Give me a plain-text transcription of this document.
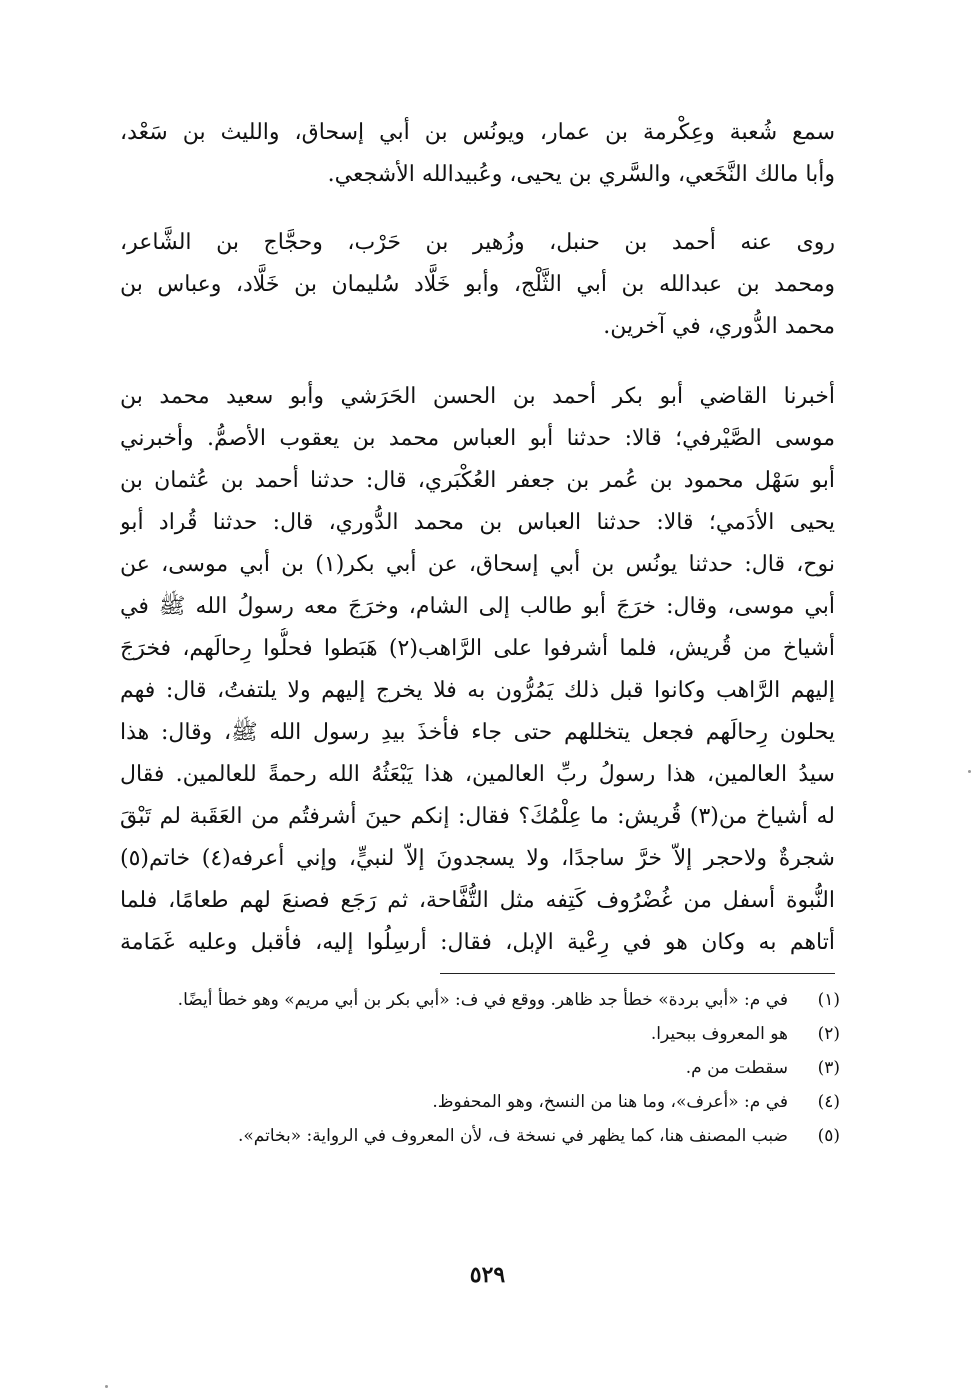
سمع شُعبة وعِكْرمة بن عمار، ويونُس بن أبي إسحاق، والليث بن سَعْد،
وأبا مالك النَّخَعي، والسَّري بن يحيى، وعُبيدالله الأشجعي.
روى عنه أحمد بن حنبل، وزُهير بن حَرْب، وحجَّاج بن الشَّاعر،
ومحمد بن عبدالله بن أبي الثَّلْج، وأبو خَلَّاد سُليمان بن خَلَّاد، وعباس بن
محمد الدُّوري، في آخرين.
أخبرنا القاضي أبو بكر أحمد بن الحسن الحَرَشي وأبو سعيد محمد بن
موسى الصَّيْرفي؛ قالا: حدثنا أبو العباس محمد بن يعقوب الأصمُّ. وأخبرني
أبو سَهْل محمود بن عُمر بن جعفر العُكْبَري، قال: حدثنا أحمد بن عُثمان بن
يحيى الأدَمي؛ قالا: حدثنا العباس بن محمد الدُّوري، قال: حدثنا قُراد أبو
نوح، قال: حدثنا يونُس بن أبي إسحاق، عن أبي بكر(١) بن أبي موسى، عن
أبي موسى، وقال: خرَجَ أبو طالب إلى الشام، وخرَجَ معه رسولُ الله ﷺ في
أشياخ من قُريش، فلما أشرفوا على الرَّاهب(٢) هَبَطوا فحلُّوا رِحالَهم، فخرَجَ
إليهم الرَّاهب وكانوا قبل ذلك يَمُرُّون به فلا يخرج إليهم ولا يلتفتُ، قال: فهم
يحلون رِحالَهم فجعل يتخللهم حتى جاء فأخذَ بيدِ رسول الله ﷺ، وقال: هذا
سيدُ العالمين، هذا رسولُ ربِّ العالمين، هذا يَبْعَثُهُ الله رحمةً للعالمين. فقال
له أشياخ من(٣) قُريش: ما عِلْمُكَ؟ فقال: إنكم حينَ أشرفتُم من العَقَبة لم تَبْقَ
شجرةٌ ولاحجر إلاّ خرَّ ساجدًا، ولا يسجدونَ إلاّ لنبيٍّ، وإني أعرفه(٤) خاتم(٥)
النُّبوة أسفل من غُضْرُوف كَتِفه مثل التُّفَّاحة، ثم رَجَع فصنعَ لهم طعامًا، فلما
أتاهم به وكان هو في رِعْية الإبل، فقال: أرسِلُوا إليه، فأقبل وعليه غَمَامة
(١)
في م: «أبي بردة» خطأ جد ظاهر. ووقع في ف: «أبي بكر بن أبي مريم» وهو خطأ أيضًا.
(٢)
هو المعروف ببحيرا.
(٣)
سقطت من م.
(٤)
في م: «أعرف»، وما هنا من النسخ، وهو المحفوظ.
(٥)
ضبب المصنف هنا، كما يظهر في نسخة ف، لأن المعروف في الرواية: «بخاتم».
٥٢٩
